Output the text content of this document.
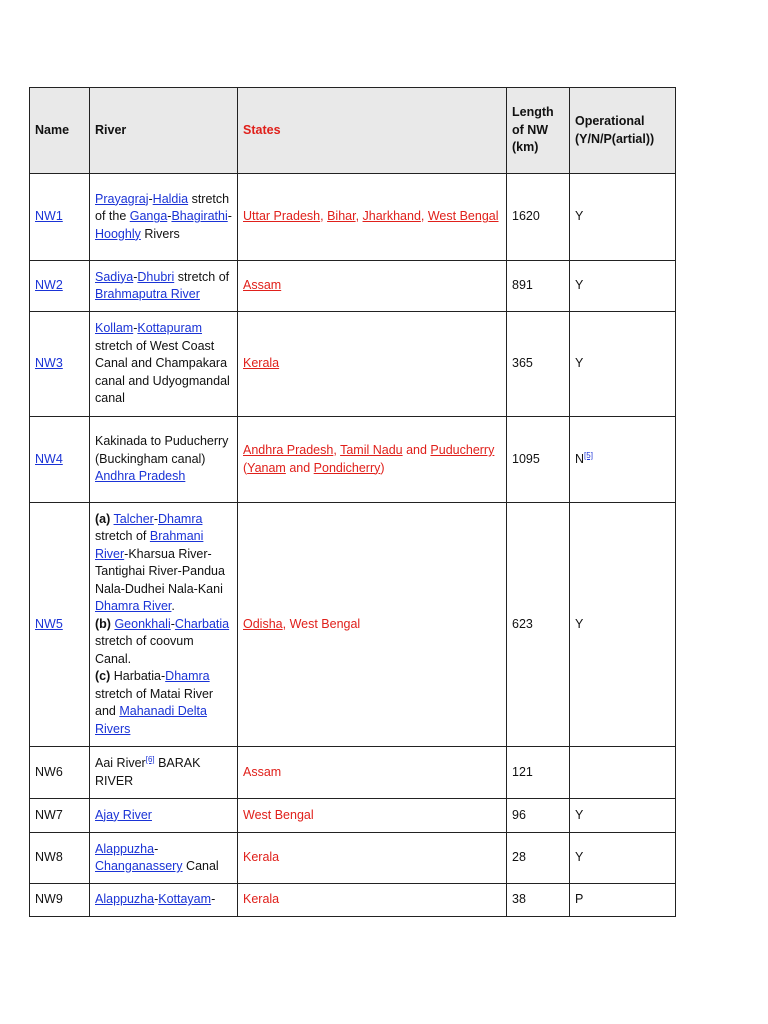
Name	River	States	Length of NW (km)	Operational (Y/N/P(artial))
NW1	Prayagraj-Haldia stretch of the Ganga-Bhagirathi-Hooghly Rivers	Uttar Pradesh, Bihar, Jharkhand, West Bengal	1620	Y
NW2	Sadiya-Dhubri stretch of Brahmaputra River	Assam	891	Y
NW3	Kollam-Kottapuram stretch of West Coast Canal and Champakara canal and Udyogmandal canal	Kerala	365	Y
NW4	Kakinada to Puducherry (Buckingham canal) Andhra Pradesh	Andhra Pradesh, Tamil Nadu and Puducherry (Yanam and Pondicherry)	1095	N[5]
NW5	(a) Talcher-Dhamra stretch of Brahmani River-Kharsua River-Tantighai River-Pandua Nala-Dudhei Nala-Kani Dhamra River.
(b) Geonkhali-Charbatia stretch of coovum Canal.
(c) Harbatia-Dhamra stretch of Matai River and Mahanadi Delta Rivers	Odisha, West Bengal	623	Y
NW6	Aai River[6] BARAK RIVER	Assam	121	
NW7	Ajay River	West Bengal	96	Y
NW8	Alappuzha-Changanassery Canal	Kerala	28	Y
NW9	Alappuzha-Kottayam-	Kerala	38	P
